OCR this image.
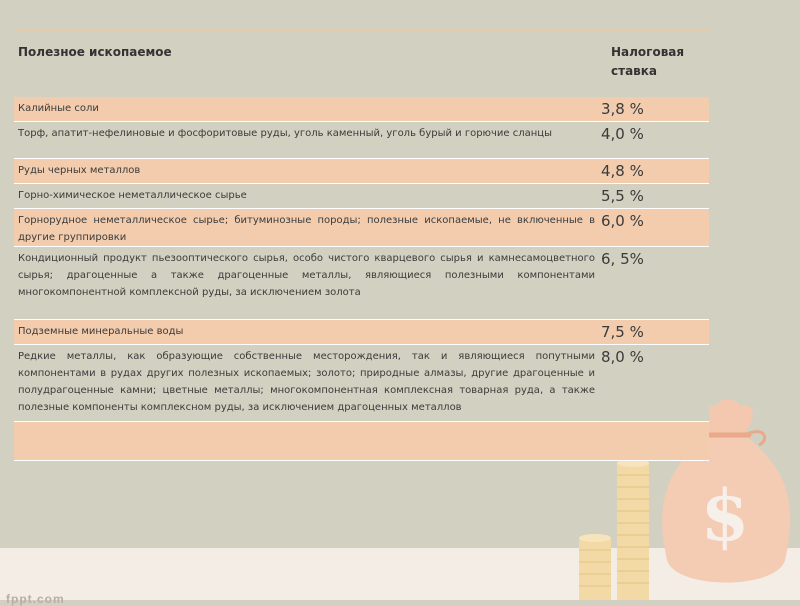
fppt.com
$
Полезное ископаемое	Налоговая ставка

Калийные соли	3,8 %

Торф, апатит-нефелиновые и фосфоритовые руды, уголь каменный, уголь бурый и горючие сланцы	4,0 %

Руды черных металлов	4,8 %

Горно-химическое неметаллическое сырье	5,5 %

Горнорудное неметаллическое сырье; битуминозные породы; полезные ископаемые, не включенные в другие группировки	6,0 %

Кондиционный продукт пьезооптического сырья, особо чистого кварцевого сырья и камнесамоцветного сырья; драгоценные а также драгоценные металлы, являющиеся полезными компонентами многокомпонентной комплексной руды, за исключением золота	6, 5%

Подземные минеральные воды	7,5 %

Редкие металлы, как образующие собственные месторождения, так и являющиеся попутными компонентами в рудах других полезных ископаемых; золото; природные алмазы, другие драгоценные и полудрагоценные камни; цветные металлы; многокомпонентная комплексная товарная руда, а также полезные компоненты комплексном руды, за исключением драгоценных металлов	8,0 %
